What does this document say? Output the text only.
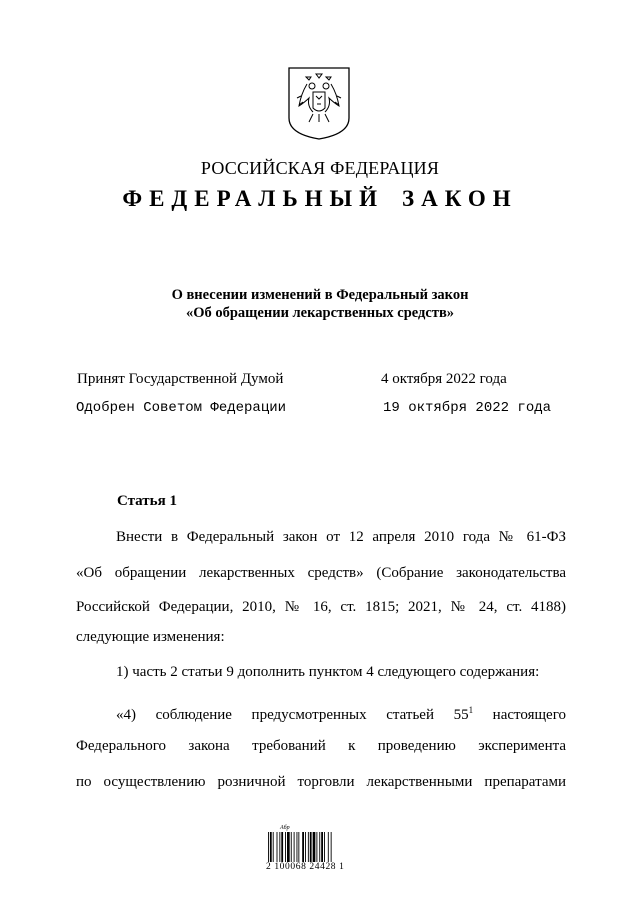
РОССИЙСКАЯ ФЕДЕРАЦИЯ
ФЕДЕРАЛЬНЫЙ ЗАКОН
О внесении изменений в Федеральный закон
«Об обращении лекарственных средств»
Принят Государственной Думой	4 октября 2022 года
Одобрен Советом Федерации	19 октября 2022 года
Статья 1
Внести в Федеральный закон от 12 апреля 2010 года № 61-ФЗ
«Об обращении лекарственных средств» (Собрание законодательства
Российской Федерации, 2010, № 16, ст. 1815; 2021, № 24, ст. 4188)
следующие изменения:
1) часть 2 статьи 9 дополнить пунктом 4 следующего содержания:
«4) соблюдение предусмотренных статьей $55^1$ настоящего
Федерального закона требований к проведению эксперимента
по осуществлению розничной торговли лекарственными препаратами
Абр
2 100068 24428 1
